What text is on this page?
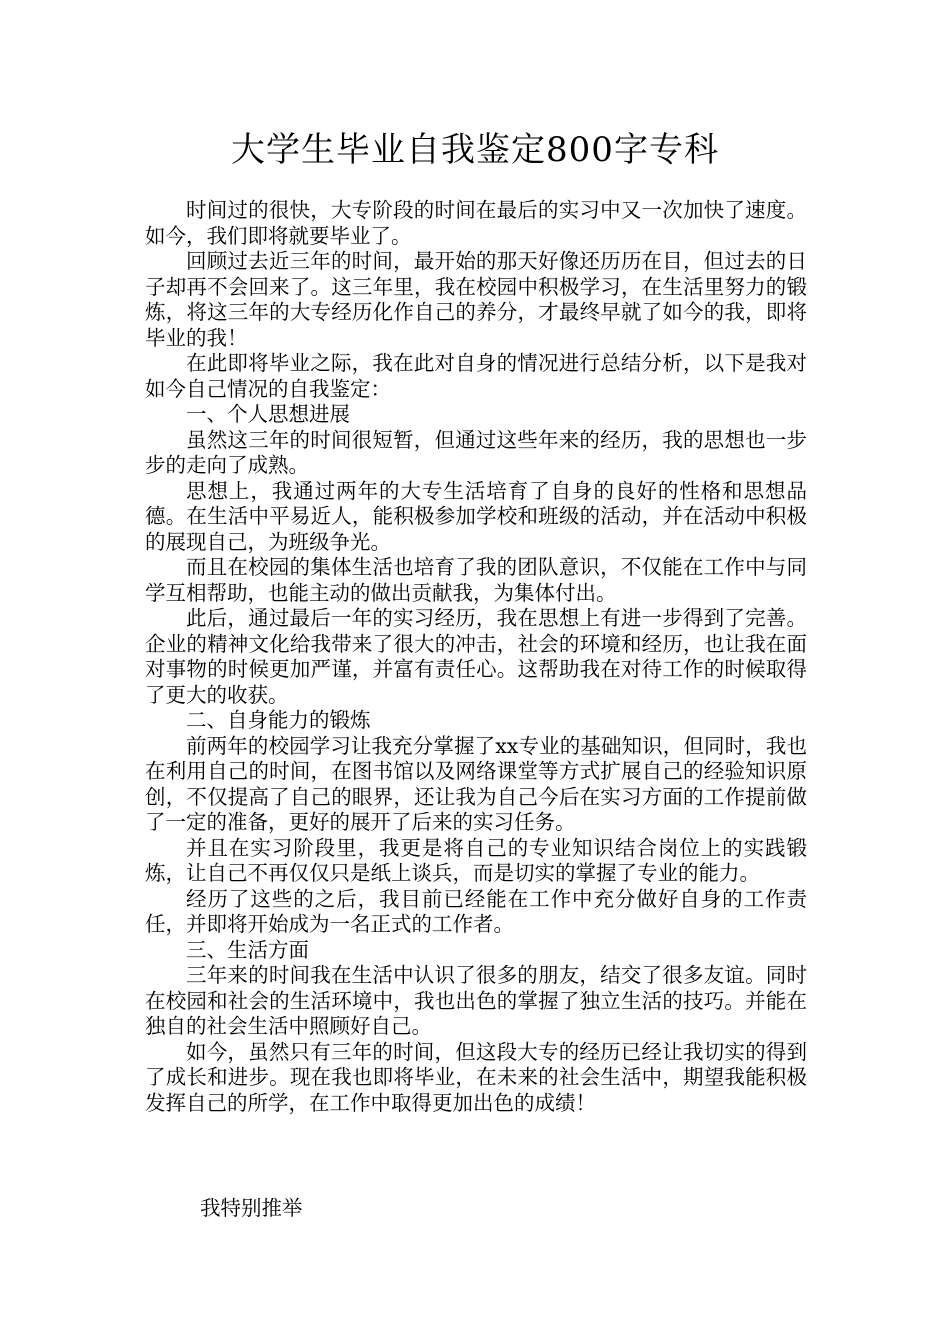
大学生毕业自我鉴定800字专科

时间过的很快，大专阶段的时间在最后的实习中又一次加快了速度。如今，我们即将就要毕业了。

回顾过去近三年的时间，最开始的那天好像还历历在目，但过去的日子却再不会回来了。这三年里，我在校园中积极学习，在生活里努力的锻炼，将这三年的大专经历化作自己的养分，才最终早就了如今的我，即将毕业的我！

在此即将毕业之际，我在此对自身的情况进行总结分析，以下是我对如今自己情况的自我鉴定：

一、个人思想进展

虽然这三年的时间很短暂，但通过这些年来的经历，我的思想也一步步的走向了成熟。

思想上，我通过两年的大专生活培育了自身的良好的性格和思想品德。在生活中平易近人，能积极参加学校和班级的活动，并在活动中积极的展现自己，为班级争光。

而且在校园的集体生活也培育了我的团队意识，不仅能在工作中与同学互相帮助，也能主动的做出贡献我，为集体付出。

此后，通过最后一年的实习经历，我在思想上有进一步得到了完善。企业的精神文化给我带来了很大的冲击，社会的环境和经历，也让我在面对事物的时候更加严谨，并富有责任心。这帮助我在对待工作的时候取得了更大的收获。

二、自身能力的锻炼

前两年的校园学习让我充分掌握了xx专业的基础知识，但同时，我也在利用自己的时间，在图书馆以及网络课堂等方式扩展自己的经验知识原创，不仅提高了自己的眼界，还让我为自己今后在实习方面的工作提前做了一定的准备，更好的展开了后来的实习任务。

并且在实习阶段里，我更是将自己的专业知识结合岗位上的实践锻炼，让自己不再仅仅只是纸上谈兵，而是切实的掌握了专业的能力。

经历了这些的之后，我目前已经能在工作中充分做好自身的工作责任，并即将开始成为一名正式的工作者。

三、生活方面

三年来的时间我在生活中认识了很多的朋友，结交了很多友谊。同时在校园和社会的生活环境中，我也出色的掌握了独立生活的技巧。并能在独自的社会生活中照顾好自己。

如今，虽然只有三年的时间，但这段大专的经历已经让我切实的得到了成长和进步。现在我也即将毕业，在未来的社会生活中，期望我能积极发挥自己的所学，在工作中取得更加出色的成绩！

我特别推举
